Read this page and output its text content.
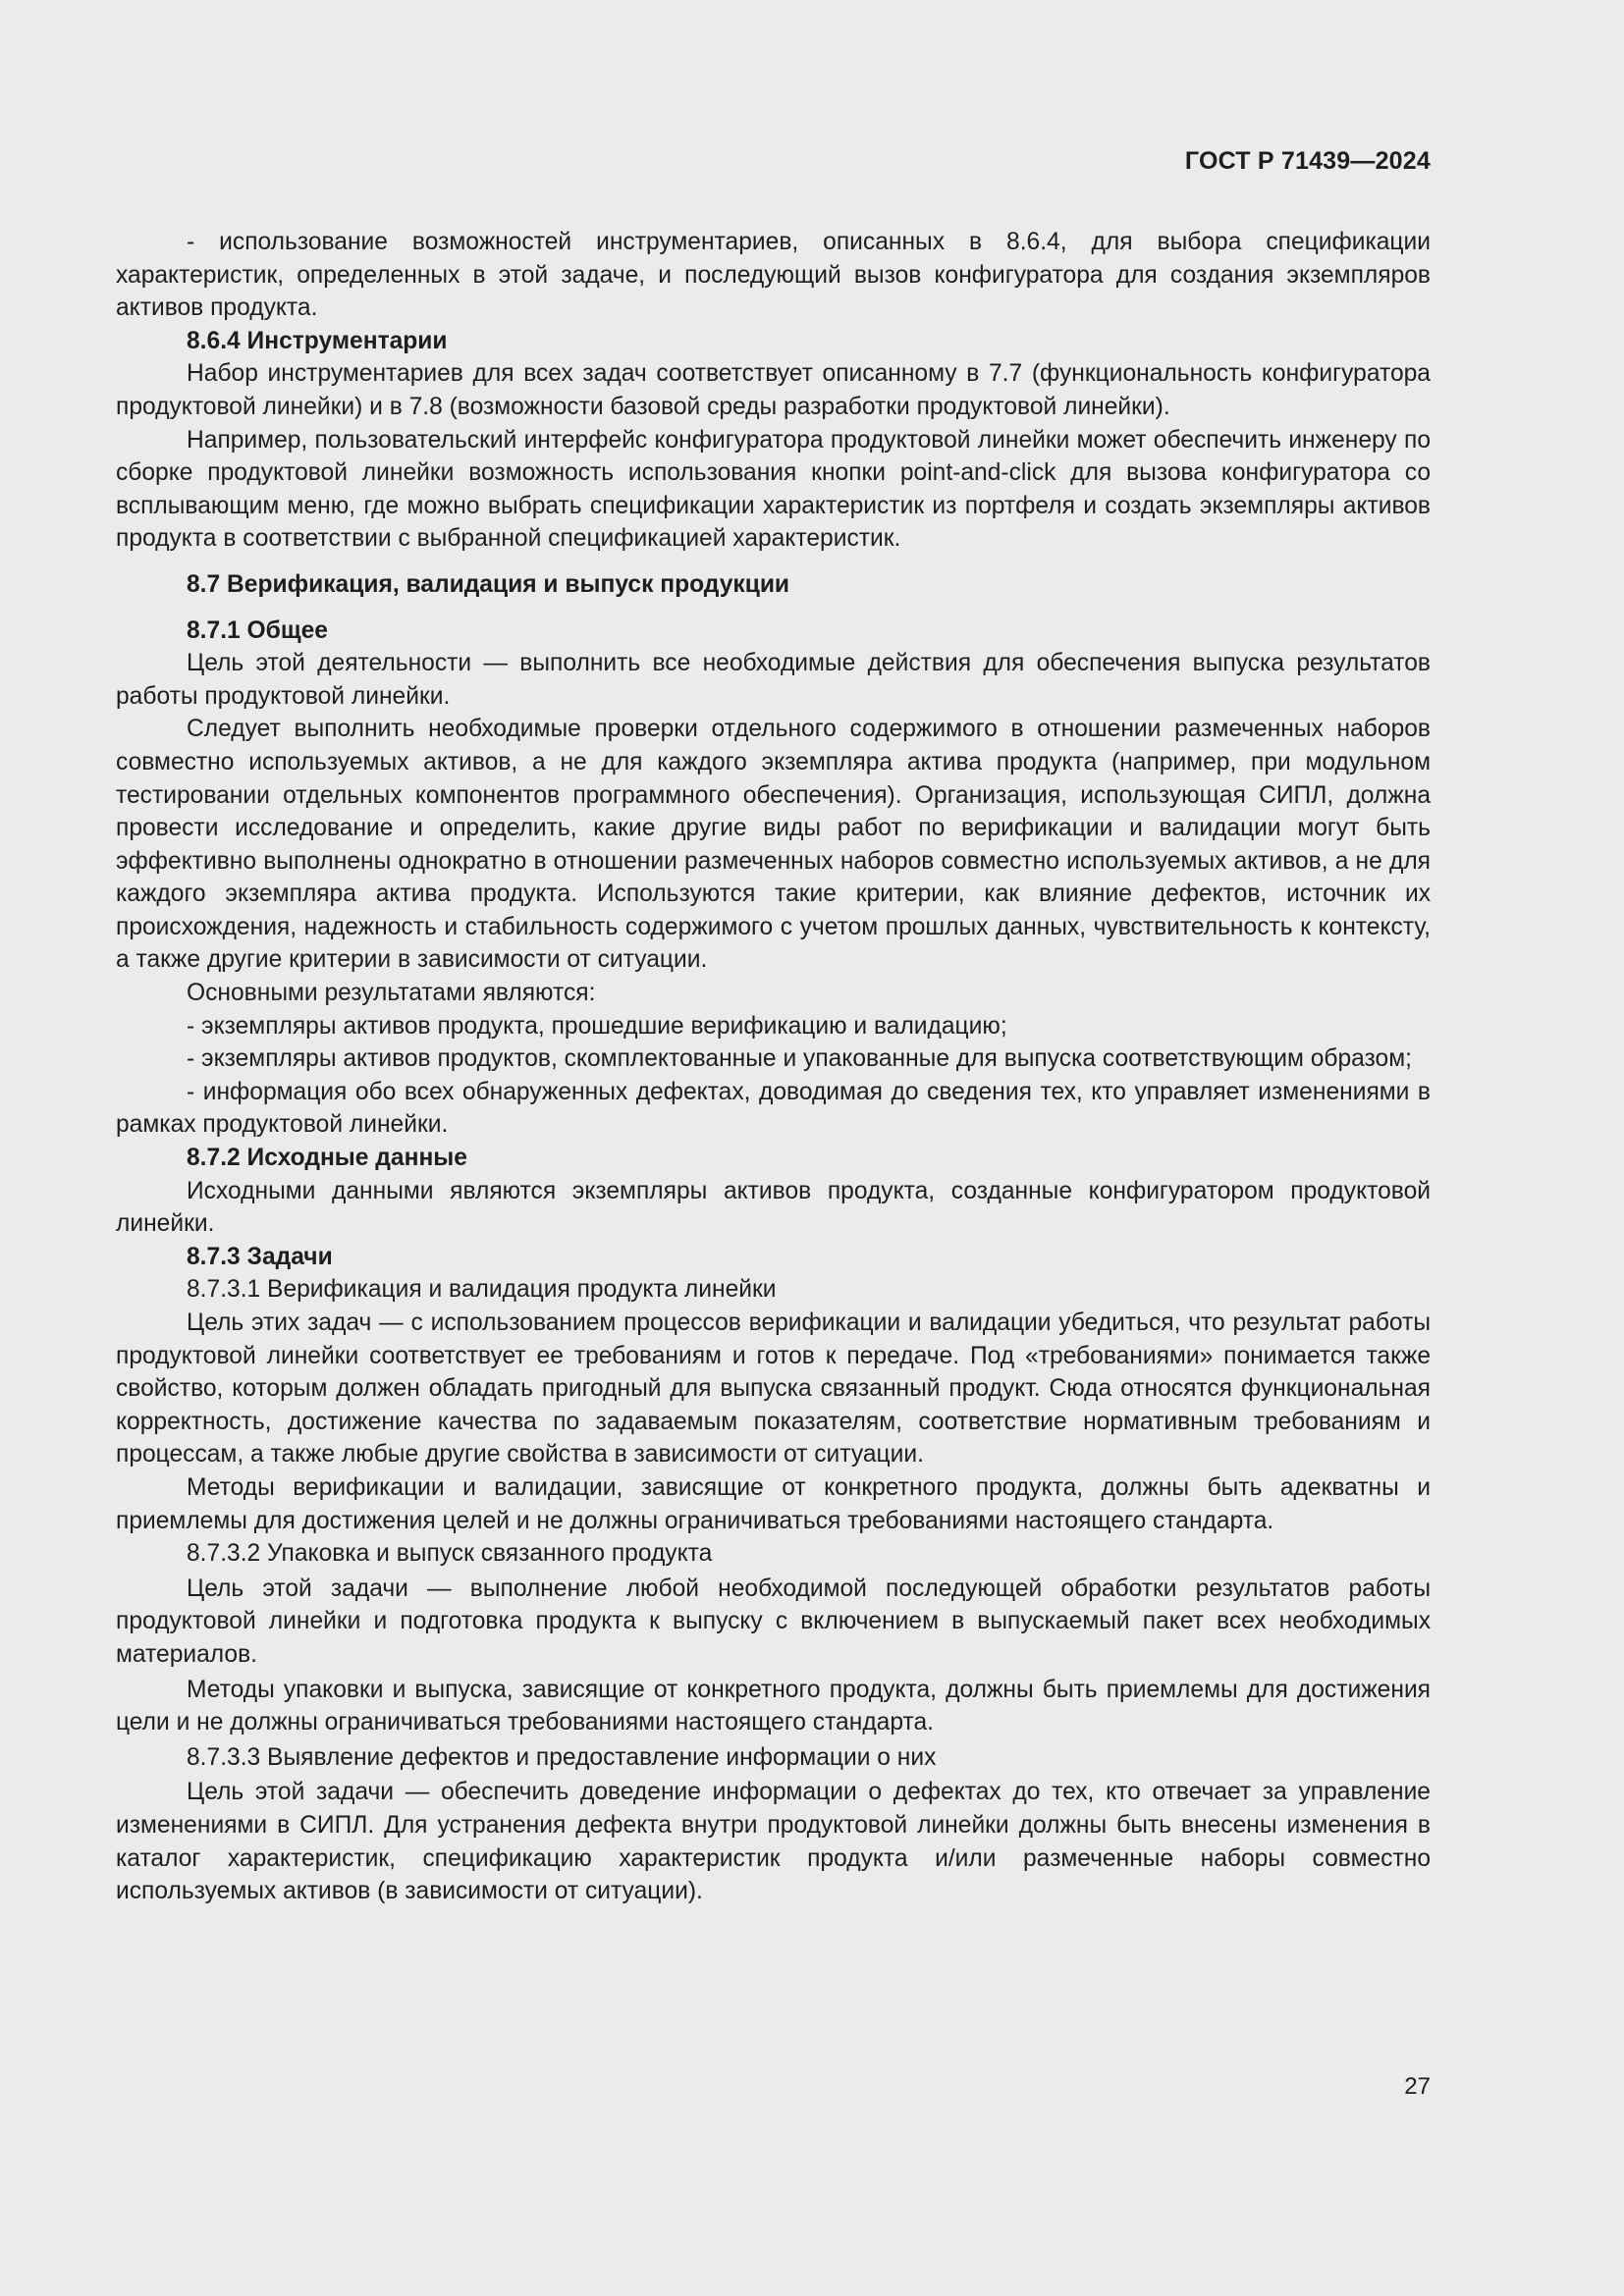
ГОСТ Р 71439—2024

- использование возможностей инструментариев, описанных в 8.6.4, для выбора спецификации характеристик, определенных в этой задаче, и последующий вызов конфигуратора для создания экземпляров активов продукта.

8.6.4 Инструментарии

Набор инструментариев для всех задач соответствует описанному в 7.7 (функциональность конфигуратора продуктовой линейки) и в 7.8 (возможности базовой среды разработки продуктовой линейки).

Например, пользовательский интерфейс конфигуратора продуктовой линейки может обеспечить инженеру по сборке продуктовой линейки возможность использования кнопки point-and-click для вызова конфигуратора со всплывающим меню, где можно выбрать спецификации характеристик из портфеля и создать экземпляры активов продукта в соответствии с выбранной спецификацией характеристик.

8.7 Верификация, валидация и выпуск продукции

8.7.1 Общее

Цель этой деятельности — выполнить все необходимые действия для обеспечения выпуска результатов работы продуктовой линейки.

Следует выполнить необходимые проверки отдельного содержимого в отношении размеченных наборов совместно используемых активов, а не для каждого экземпляра актива продукта (например, при модульном тестировании отдельных компонентов программного обеспечения). Организация, использующая СИПЛ, должна провести исследование и определить, какие другие виды работ по верификации и валидации могут быть эффективно выполнены однократно в отношении размеченных наборов совместно используемых активов, а не для каждого экземпляра актива продукта. Используются такие критерии, как влияние дефектов, источник их происхождения, надежность и стабильность содержимого с учетом прошлых данных, чувствительность к контексту, а также другие критерии в зависимости от ситуации.

Основными результатами являются:

- экземпляры активов продукта, прошедшие верификацию и валидацию;

- экземпляры активов продуктов, скомплектованные и упакованные для выпуска соответствующим образом;

- информация обо всех обнаруженных дефектах, доводимая до сведения тех, кто управляет изменениями в рамках продуктовой линейки.

8.7.2 Исходные данные

Исходными данными являются экземпляры активов продукта, созданные конфигуратором продуктовой линейки.

8.7.3 Задачи

8.7.3.1 Верификация и валидация продукта линейки

Цель этих задач — с использованием процессов верификации и валидации убедиться, что результат работы продуктовой линейки соответствует ее требованиям и готов к передаче. Под «требованиями» понимается также свойство, которым должен обладать пригодный для выпуска связанный продукт. Сюда относятся функциональная корректность, достижение качества по задаваемым показателям, соответствие нормативным требованиям и процессам, а также любые другие свойства в зависимости от ситуации.

Методы верификации и валидации, зависящие от конкретного продукта, должны быть адекватны и приемлемы для достижения целей и не должны ограничиваться требованиями настоящего стандарта.

8.7.3.2 Упаковка и выпуск связанного продукта

Цель этой задачи — выполнение любой необходимой последующей обработки результатов работы продуктовой линейки и подготовка продукта к выпуску с включением в выпускаемый пакет всех необходимых материалов.

Методы упаковки и выпуска, зависящие от конкретного продукта, должны быть приемлемы для достижения цели и не должны ограничиваться требованиями настоящего стандарта.

8.7.3.3 Выявление дефектов и предоставление информации о них

Цель этой задачи — обеспечить доведение информации о дефектах до тех, кто отвечает за управление изменениями в СИПЛ. Для устранения дефекта внутри продуктовой линейки должны быть внесены изменения в каталог характеристик, спецификацию характеристик продукта и/или размеченные наборы совместно используемых активов (в зависимости от ситуации).

27
